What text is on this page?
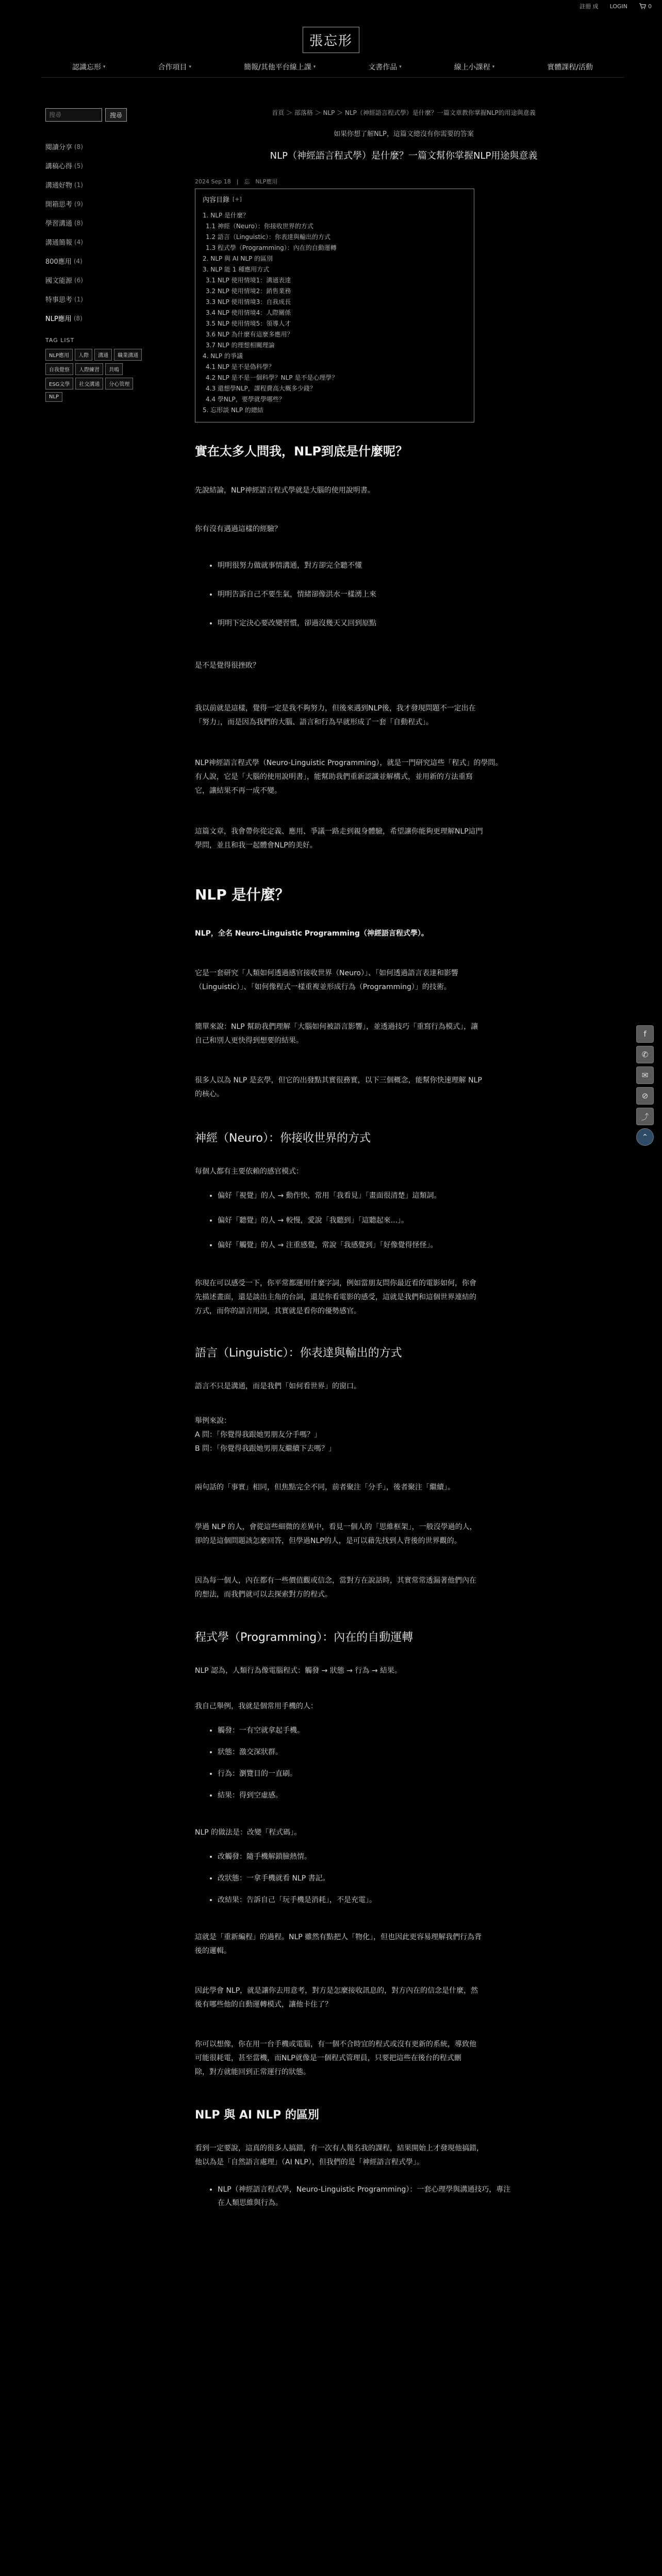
註冊 成 LOGIN	0
張忘形
認識忘形 ▾	合作項目 ▾	簡報/其他平台線上課 ▾	文書作品 ▾	線上小課程 ▾	實體課程/活動
搜尋
搜尋
閱讀分享 (8)
講稿心得 (5)
溝通好物 (1)
開箱思考 (9)
學習溝通 (8)
溝通簡報 (4)
800應用 (4)
國文能源 (6)
特事思考 (1)
NLP應用 (8)
TAG LIST
NLP應用	人際	溝通	職業溝通
自我覺察	人際練習	共鳴
ESG文學	社交溝通	分心管理
NLP
首頁 ＞ 部落格 ＞ NLP ＞ NLP（神經語言程式學）是什麼？一篇文章教你掌握NLP的用途與意義
如果你想了解NLP，這篇文總沒有你需要的答案
NLP（神經語言程式學）是什麼？一篇文幫你掌握NLP用途與意義
2024 Sep 18　|　忘　NLP應用
內容目錄 [+]
1. NLP 是什麼？
1.1 神經（Neuro）：你接收世界的方式
1.2 語言（Linguistic）：你表達與輸出的方式
1.3 程式學（Programming）：內在的自動運轉
2. NLP 與 AI NLP 的區別
3. NLP 能 1 種應用方式
3.1 NLP 使用情境1：溝通表達
3.2 NLP 使用情境2：銷售業務
3.3 NLP 使用情境3：自我成長
3.4 NLP 使用情境4：人際關係
3.5 NLP 使用情境5：領導人才
3.6 NLP 為什麼有這麼多應用？
3.7 NLP 的理想相關理論
4. NLP 的爭議
4.1 NLP 是不是偽科學？
4.2 NLP 是不是一個科學？NLP 是不是心理學？
4.3 還想學NLP，課程費高大概多少錢？
4.4 學NLP，要學就學哪些？
5. 忘形談 NLP 的總結
實在太多人問我，NLP到底是什麼呢？

先說結論，NLP神經語言程式學就是大腦的使用說明書。

你有沒有遇過這樣的經驗？

• 明明很努力做就事情溝通，對方卻完全聽不懂
• 明明告訴自己不要生氣，情緒卻像洪水一樣湧上來
• 明明下定決心要改變習慣，卻過沒幾天又回到原點

是不是覺得很挫敗？

我以前就是這樣，覺得一定是我不夠努力，但後來遇到NLP後，我才發現問題不一定出在

「努力」，而是因為我們的大腦、語言和行為早就形成了一套「自動程式」。

NLP神經語言程式學（Neuro-Linguistic Programming），就是一門研究這些「程式」的學問。

有人說，它是「大腦的使用說明書」，能幫助我們重新認識並解構式，並用新的方法重寫

它，讓結果不再一成不變。

這篇文章，我會帶你從定義、應用、爭議一路走到親身體驗，希望讓你能夠更理解NLP這門

學問，並且和我一起體會NLP的美好。

NLP 是什麼？

NLP，全名 Neuro-Linguistic Programming（神經語言程式學）。

它是一套研究「人類如何透過感官接收世界（Neuro）」、「如何透過語言表達和影響

（Linguistic）」、「如何像程式一樣重複並形成行為（Programming）」的技術。

簡單來說：NLP 幫助我們理解「大腦如何被語言影響」，並透過技巧「重寫行為模式」，讓

自己和別人更快得到想要的結果。

很多人以為 NLP 是玄學，但它的出發點其實很務實，以下三個概念，能幫你快速理解 NLP

的核心。

神經（Neuro）：你接收世界的方式

每個人都有主要依賴的感官模式：

• 偏好「視覺」的人 → 動作快，常用「我看見」「畫面很清楚」這類詞。
• 偏好「聽覺」的人 → 較慢，愛說「我聽到」「這聽起來...」。
• 偏好「觸覺」的人 → 注重感覺，常說「我感覺到」「好像覺得怪怪」。

你現在可以感受一下，你平常都運用什麼字詞，例如當朋友問你最近看的電影如何，你會

先描述畫面，還是談出主角的台詞，還是你看電影的感受，這就是我們和這個世界連結的

方式，而你的語言用詞，其實就是看你的優勢感官。

語言（Linguistic）：你表達與輸出的方式

語言不只是溝通，而是我們「如何看世界」的窗口。

舉例來說：

A 問：「你覺得我跟她男朋友分手嗎？」

B 問：「你覺得我跟她男朋友繼續下去嗎？」

兩句話的「事實」相同，但焦點完全不同，前者聚注「分手」，後者聚注「繼續」。

學過 NLP 的人，會從這些細微的差異中，看見一個人的「思維框架」，一般沒學過的人，

卻的是這個問題該怎麼回答，但學過NLP的人，是可以藉先找到人背後的世界觀的。

因為每一個人，內在都有一些價值觀或信念，當對方在說話時，其實常常透漏著他們內在

的想法，而我們就可以去探索對方的程式。

程式學（Programming）：內在的自動運轉

NLP 認為，人類行為像電腦程式：觸發 → 狀態 → 行為 → 結果。

我自己舉例，我就是個常用手機的人：

• 觸發：一有空就拿起手機。
• 狀態：激交深狀群。
• 行為：瀏覽目的一直刷。
• 結果：得到空虛感。

NLP 的做法是：改變「程式碼」。

• 改觸發：隨手機解鎖臉熱情。
• 改狀態：一拿手機就看 NLP 書記。
• 改結果：告訴自己「玩手機是消耗」，不是充電」。

這就是「重新編程」的過程。NLP 雖然有點把人「物化」，但也因此更容易理解我們行為背

後的邏輯。

因此學會 NLP，就是讓你去用意考，對方是怎麼接收訊息的，對方內在的信念是什麼，然

後有哪些他的自動運轉模式，讓他卡住了？

你可以想像，你在用一台手機或電腦，有一個不合時宜的程式或沒有更新的系統，導致他

可能很耗電，甚至當機，而NLP就像是一個程式管理員，只要把這些在後台的程式刪

除，對方就能回到正常運行的狀態。

NLP 與 AI NLP 的區別

看到一定要說，這真的很多人搞錯，有一次有人報名我的課程，結果開始上才發現他搞錯，

他以為是「自然語言處理」（AI NLP），但我們的是「神經語言程式學」。

• NLP（神經語言程式學，Neuro-Linguistic Programming）：一套心理學與溝通技巧，專注
在人類思維與行為。
f
✆
✉
⊘
⤴
⌃
